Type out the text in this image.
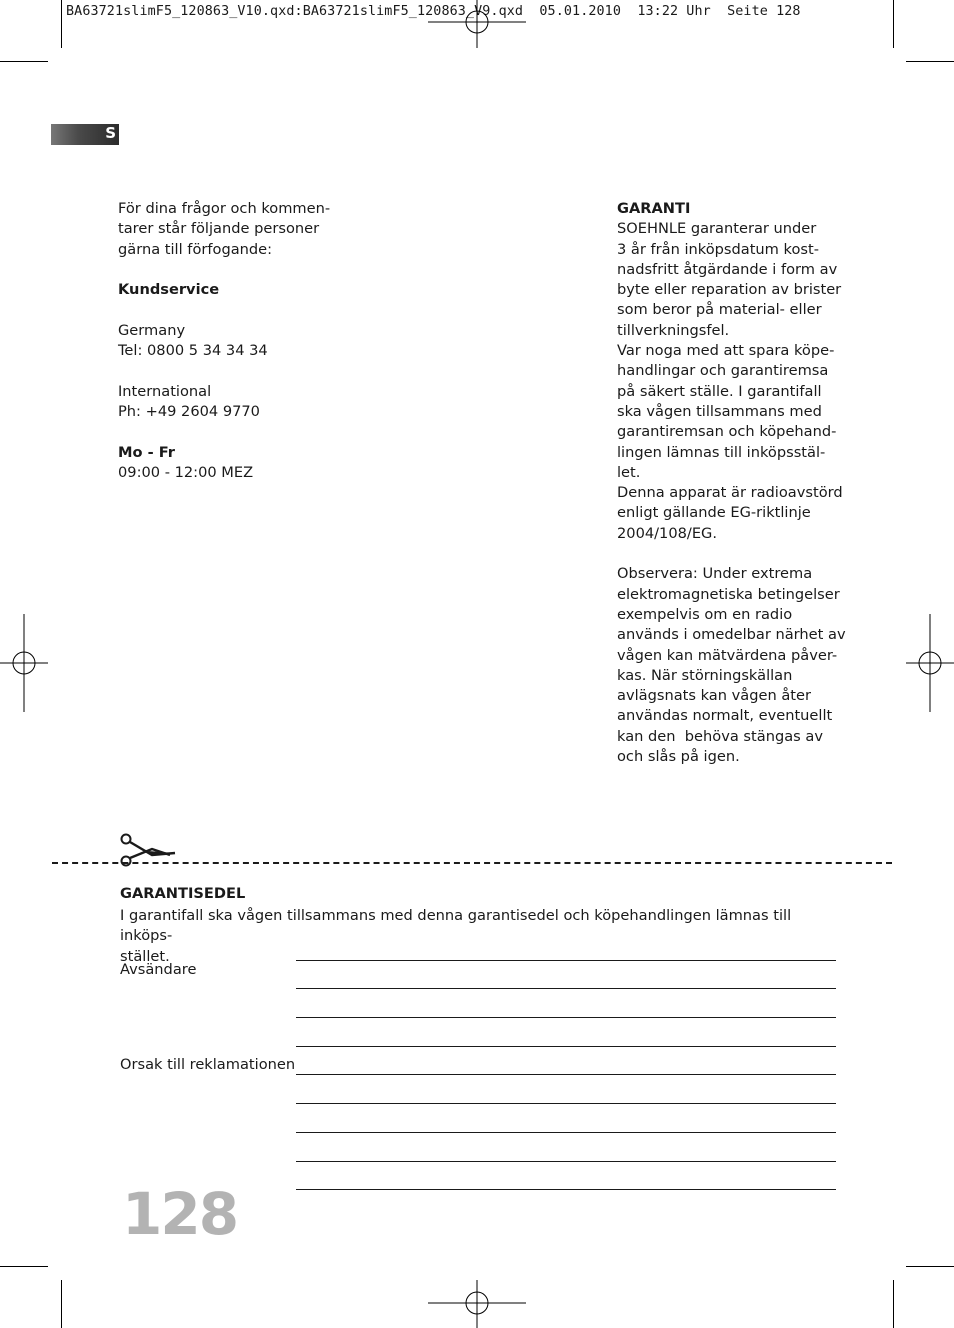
BA63721slimF5_120863_V10.qxd:BA63721slimF5_120863_V9.qxd  05.01.2010  13:22 Uhr  Seite 128
S

För dina frågor och kommen-

tarer står följande personer

gärna till förfogande:

Kundservice

Germany

Tel: 0800 5 34 34 34

International

Ph: +49 2604 9770

Mo - Fr

09:00 - 12:00 MEZ

GARANTI

SOEHNLE garanterar under

3 år från inköpsdatum kost-

nadsfritt åtgärdande i form av

byte eller reparation av brister

som beror på material- eller

tillverkningsfel.

Var noga med att spara köpe-

handlingar och garantiremsa

på säkert ställe. I garantifall

ska vågen tillsammans med

garantiremsan och köpehand-

lingen lämnas till inköpsstäl-

let.

Denna apparat är radioavstörd

enligt gällande EG-riktlinje

2004/108/EG.

Observera: Under extrema

elektromagnetiska betingelser

exempelvis om en radio

används i omedelbar närhet av

vågen kan mätvärdena påver-

kas. När störningskällan

avlägsnats kan vågen åter

användas normalt, eventuellt

kan den  behöva stängas av

och slås på igen.

GARANTISEDEL

I garantifall ska vågen tillsammans med denna garantisedel och köpehandlingen lämnas till inköps-
stället.

Avsändare
Orsak till reklamationen
128
